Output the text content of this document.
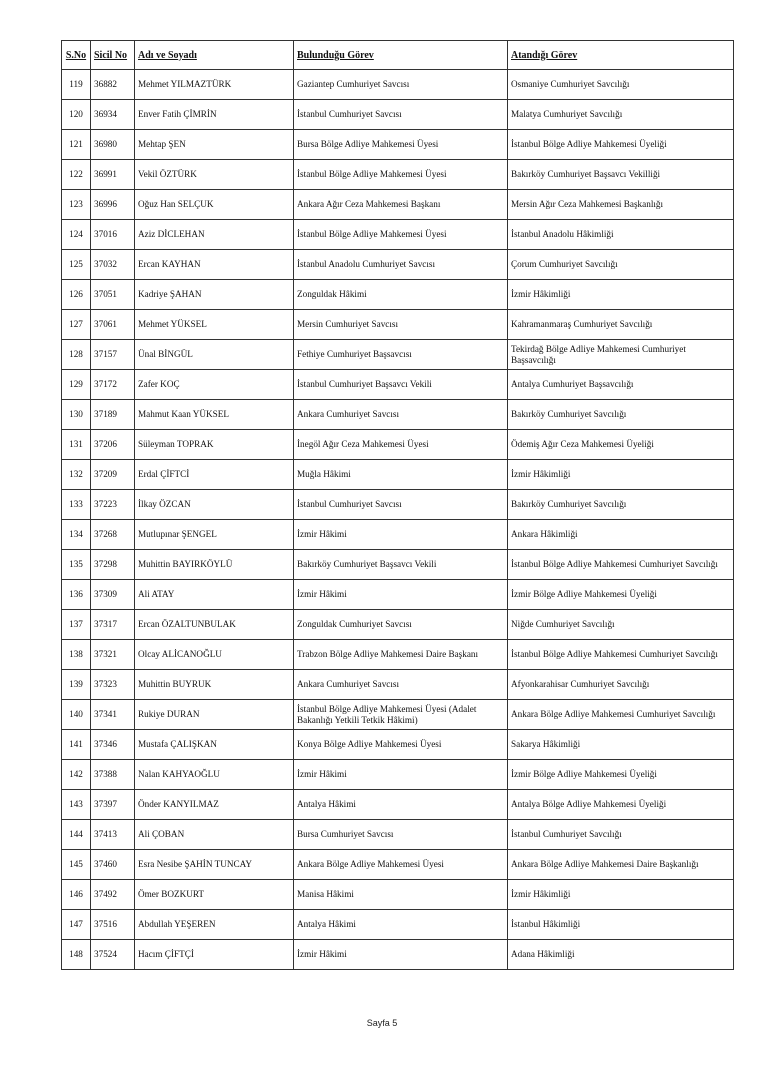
S.No	Sicil No	Adı ve Soyadı	Bulunduğu Görev	Atandığı Görev
119	36882	Mehmet YILMAZTÜRK	Gaziantep Cumhuriyet Savcısı	Osmaniye Cumhuriyet Savcılığı
120	36934	Enver Fatih ÇİMRİN	İstanbul Cumhuriyet Savcısı	Malatya Cumhuriyet Savcılığı
121	36980	Mehtap ŞEN	Bursa Bölge Adliye Mahkemesi Üyesi	İstanbul Bölge Adliye Mahkemesi Üyeliği
122	36991	Vekil ÖZTÜRK	İstanbul Bölge Adliye Mahkemesi Üyesi	Bakırköy Cumhuriyet Başsavcı Vekilliği
123	36996	Oğuz Han SELÇUK	Ankara Ağır Ceza Mahkemesi Başkanı	Mersin Ağır Ceza Mahkemesi Başkanlığı
124	37016	Aziz DİCLEHAN	İstanbul Bölge Adliye Mahkemesi Üyesi	İstanbul Anadolu Hâkimliği
125	37032	Ercan KAYHAN	İstanbul Anadolu Cumhuriyet Savcısı	Çorum Cumhuriyet Savcılığı
126	37051	Kadriye ŞAHAN	Zonguldak Hâkimi	İzmir Hâkimliği
127	37061	Mehmet YÜKSEL	Mersin Cumhuriyet Savcısı	Kahramanmaraş Cumhuriyet Savcılığı
128	37157	Ünal BİNGÜL	Fethiye Cumhuriyet Başsavcısı	Tekirdağ Bölge Adliye Mahkemesi Cumhuriyet Başsavcılığı
129	37172	Zafer KOÇ	İstanbul Cumhuriyet Başsavcı Vekili	Antalya Cumhuriyet Başsavcılığı
130	37189	Mahmut Kaan YÜKSEL	Ankara Cumhuriyet Savcısı	Bakırköy Cumhuriyet Savcılığı
131	37206	Süleyman TOPRAK	İnegöl Ağır Ceza Mahkemesi Üyesi	Ödemiş Ağır Ceza Mahkemesi Üyeliği
132	37209	Erdal ÇİFTCİ	Muğla Hâkimi	İzmir Hâkimliği
133	37223	İlkay ÖZCAN	İstanbul Cumhuriyet Savcısı	Bakırköy Cumhuriyet Savcılığı
134	37268	Mutlupınar ŞENGEL	İzmir Hâkimi	Ankara Hâkimliği
135	37298	Muhittin BAYIRKÖYLÜ	Bakırköy Cumhuriyet Başsavcı Vekili	İstanbul Bölge Adliye Mahkemesi Cumhuriyet Savcılığı
136	37309	Ali ATAY	İzmir Hâkimi	İzmir Bölge Adliye Mahkemesi Üyeliği
137	37317	Ercan ÖZALTUNBULAK	Zonguldak Cumhuriyet Savcısı	Niğde Cumhuriyet Savcılığı
138	37321	Olcay ALİCANOĞLU	Trabzon Bölge Adliye Mahkemesi Daire Başkanı	İstanbul Bölge Adliye Mahkemesi Cumhuriyet Savcılığı
139	37323	Muhittin BUYRUK	Ankara Cumhuriyet Savcısı	Afyonkarahisar Cumhuriyet Savcılığı
140	37341	Rukiye DURAN	İstanbul Bölge Adliye Mahkemesi Üyesi (Adalet Bakanlığı Yetkili Tetkik Hâkimi)	Ankara Bölge Adliye Mahkemesi Cumhuriyet Savcılığı
141	37346	Mustafa ÇALIŞKAN	Konya Bölge Adliye Mahkemesi Üyesi	Sakarya Hâkimliği
142	37388	Nalan KAHYAOĞLU	İzmir Hâkimi	İzmir Bölge Adliye Mahkemesi Üyeliği
143	37397	Önder KANYILMAZ	Antalya Hâkimi	Antalya Bölge Adliye Mahkemesi Üyeliği
144	37413	Ali ÇOBAN	Bursa Cumhuriyet Savcısı	İstanbul Cumhuriyet Savcılığı
145	37460	Esra Nesibe ŞAHİN TUNCAY	Ankara Bölge Adliye Mahkemesi Üyesi	Ankara Bölge Adliye Mahkemesi Daire Başkanlığı
146	37492	Ömer BOZKURT	Manisa Hâkimi	İzmir Hâkimliği
147	37516	Abdullah YEŞEREN	Antalya Hâkimi	İstanbul Hâkimliği
148	37524	Hacım ÇİFTÇİ	İzmir Hâkimi	Adana Hâkimliği
Sayfa 5
